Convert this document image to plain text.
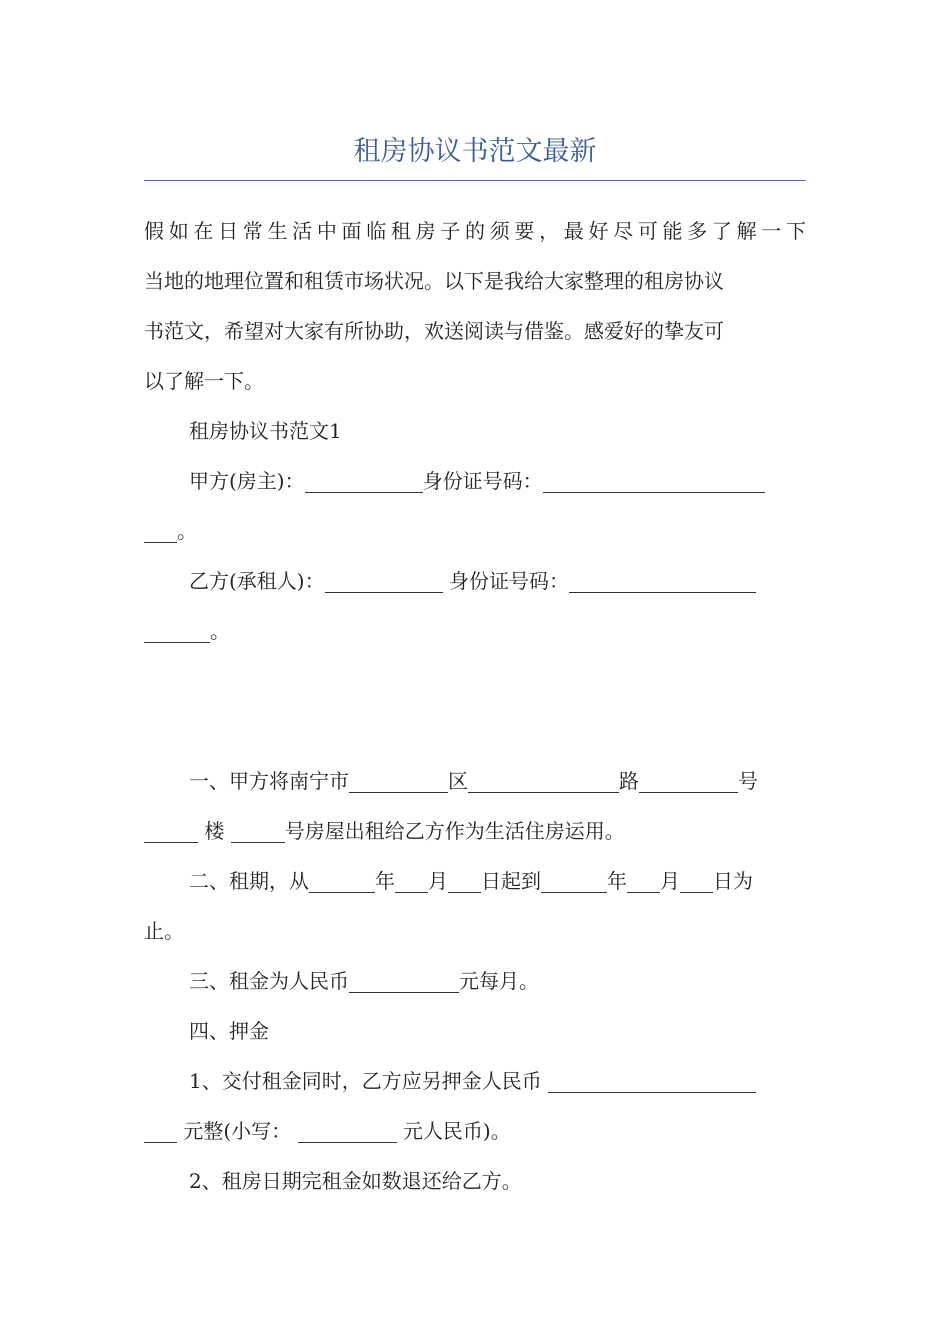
租房协议书范文最新
假如在日常生活中面临租房子的须要，最好尽可能多了解一下
当地的地理位置和租赁市场状况。以下是我给大家整理的租房协议
书范文，希望对大家有所协助，欢送阅读与借鉴。感爱好的挚友可
以了解一下。
租房协议书范文1
甲方(房主)：	身份证号码：
。
乙方(承租人)：	身份证号码：
。
一、甲方将南宁市	区	路	号
楼	号房屋出租给乙方作为生活住房运用。
二、租期，从	年 月 日起到	年 月 日为
止。
三、租金为人民币	元每月。
四、押金
1、交付租金同时，乙方应另押金人民币
元整(小写：	元人民币)。
2、租房日期完租金如数退还给乙方。
